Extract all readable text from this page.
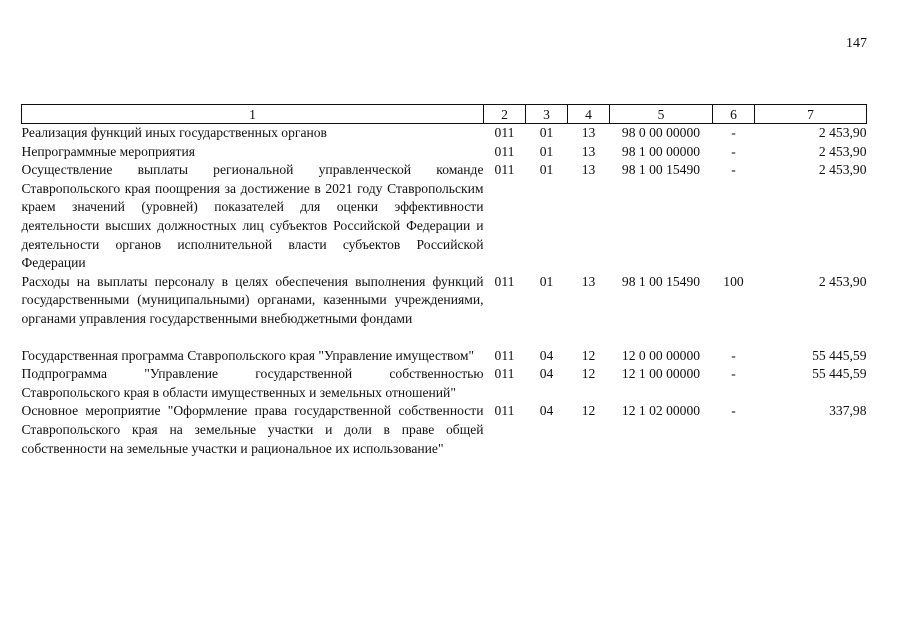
147
1	2	3	4	5	6	7
Реализация функций иных государственных органов	011	01	13	98 0 00 00000	-	2 453,90
Непрограммные мероприятия	011	01	13	98 1 00 00000	-	2 453,90
Осуществление выплаты региональной управленческой команде Ставропольского края поощрения за достижение в 2021 году Ставропольским краем значений (уровней) показателей для оценки эффективности деятельности высших должностных лиц субъектов Российской Федерации и деятельности органов исполнительной власти субъектов Российской Федерации	011	01	13	98 1 00 15490	-	2 453,90
Расходы на выплаты персоналу в целях обеспечения выполнения функций государственными (муниципальными) органами, казенными учреждениями, органами управления государственными внебюджетными фондами	011	01	13	98 1 00 15490	100	2 453,90
Государственная программа Ставропольского края "Управление имуществом"	011	04	12	12 0 00 00000	-	55 445,59
Подпрограмма "Управление государственной собственностью Ставропольского края в области имущественных и земельных отношений"	011	04	12	12 1 00 00000	-	55 445,59
Основное мероприятие "Оформление права государственной собственности Ставропольского края на земельные участки и доли в праве общей собственности на земельные участки и рациональное их использование"	011	04	12	12 1 02 00000	-	337,98
